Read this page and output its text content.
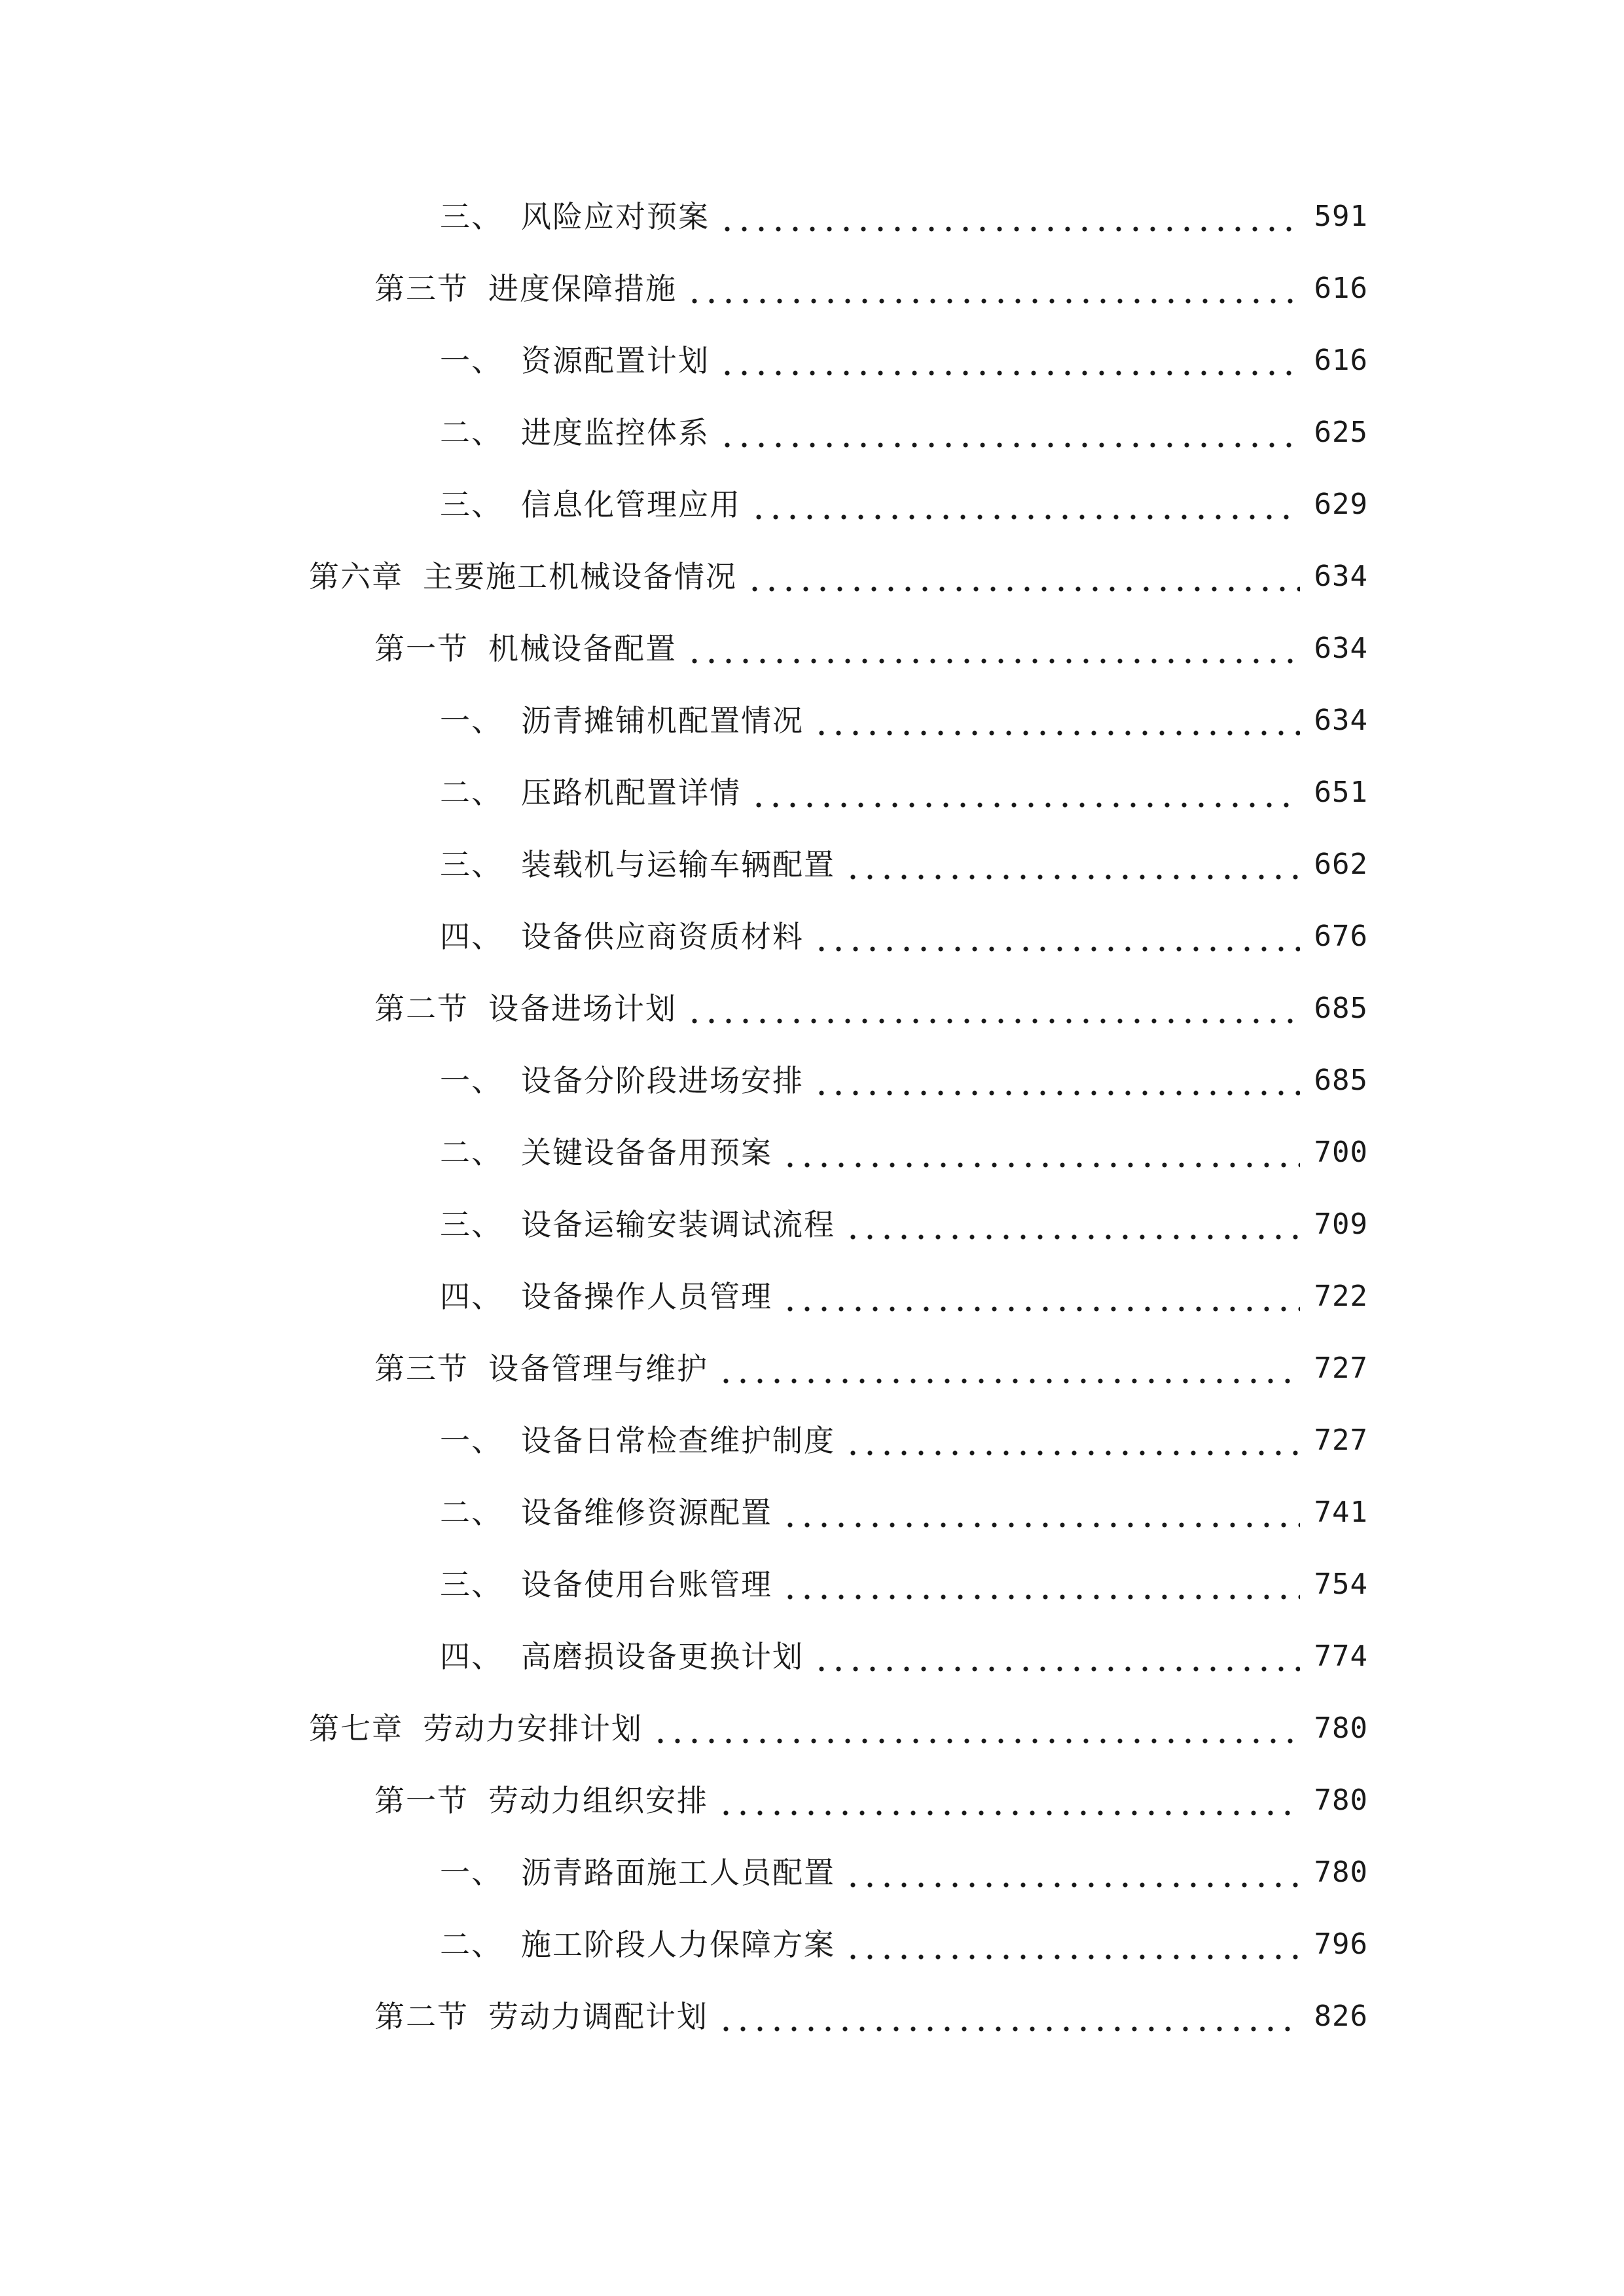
三、 风险应对预案	591
第三节 进度保障措施	616
一、 资源配置计划	616
二、 进度监控体系	625
三、 信息化管理应用	629
第六章 主要施工机械设备情况	634
第一节 机械设备配置	634
一、 沥青摊铺机配置情况	634
二、 压路机配置详情	651
三、 装载机与运输车辆配置	662
四、 设备供应商资质材料	676
第二节 设备进场计划	685
一、 设备分阶段进场安排	685
二、 关键设备备用预案	700
三、 设备运输安装调试流程	709
四、 设备操作人员管理	722
第三节 设备管理与维护	727
一、 设备日常检查维护制度	727
二、 设备维修资源配置	741
三、 设备使用台账管理	754
四、 高磨损设备更换计划	774
第七章 劳动力安排计划	780
第一节 劳动力组织安排	780
一、 沥青路面施工人员配置	780
二、 施工阶段人力保障方案	796
第二节 劳动力调配计划	826
